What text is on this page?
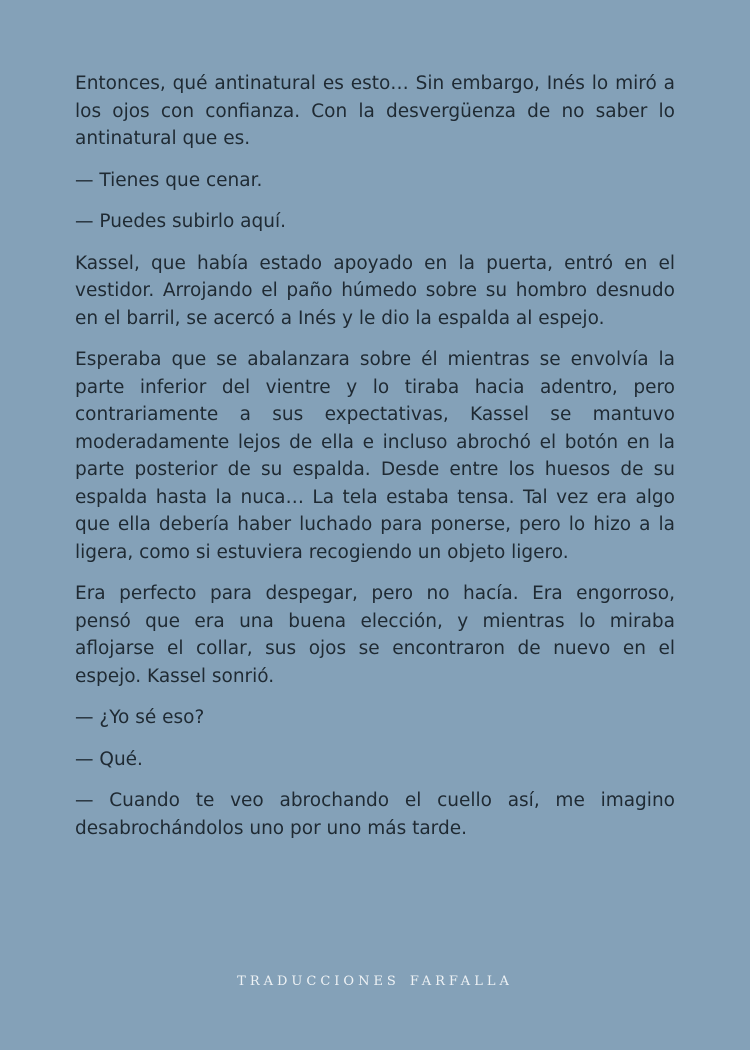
Entonces, qué antinatural es esto… Sin embargo, Inés lo miró a los ojos con confianza. Con la desvergüenza de no saber lo antinatural que es.

— Tienes que cenar.

— Puedes subirlo aquí.

Kassel, que había estado apoyado en la puerta, entró en el vestidor. Arrojando el paño húmedo sobre su hombro desnudo en el barril, se acercó a Inés y le dio la espalda al espejo.

Esperaba que se abalanzara sobre él mientras se envolvía la parte inferior del vientre y lo tiraba hacia adentro, pero contrariamente a sus expectativas, Kassel se mantuvo moderadamente lejos de ella e incluso abrochó el botón en la parte posterior de su espalda. Desde entre los huesos de su espalda hasta la nuca… La tela estaba tensa. Tal vez era algo que ella debería haber luchado para ponerse, pero lo hizo a la ligera, como si estuviera recogiendo un objeto ligero.

Era perfecto para despegar, pero no hacía. Era engorroso, pensó que era una buena elección, y mientras lo miraba aflojarse el collar, sus ojos se encontraron de nuevo en el espejo. Kassel sonrió.

— ¿Yo sé eso?

— Qué.

— Cuando te veo abrochando el cuello así, me imagino desabrochándolos uno por uno más tarde.

TRADUCCIONES FARFALLA
